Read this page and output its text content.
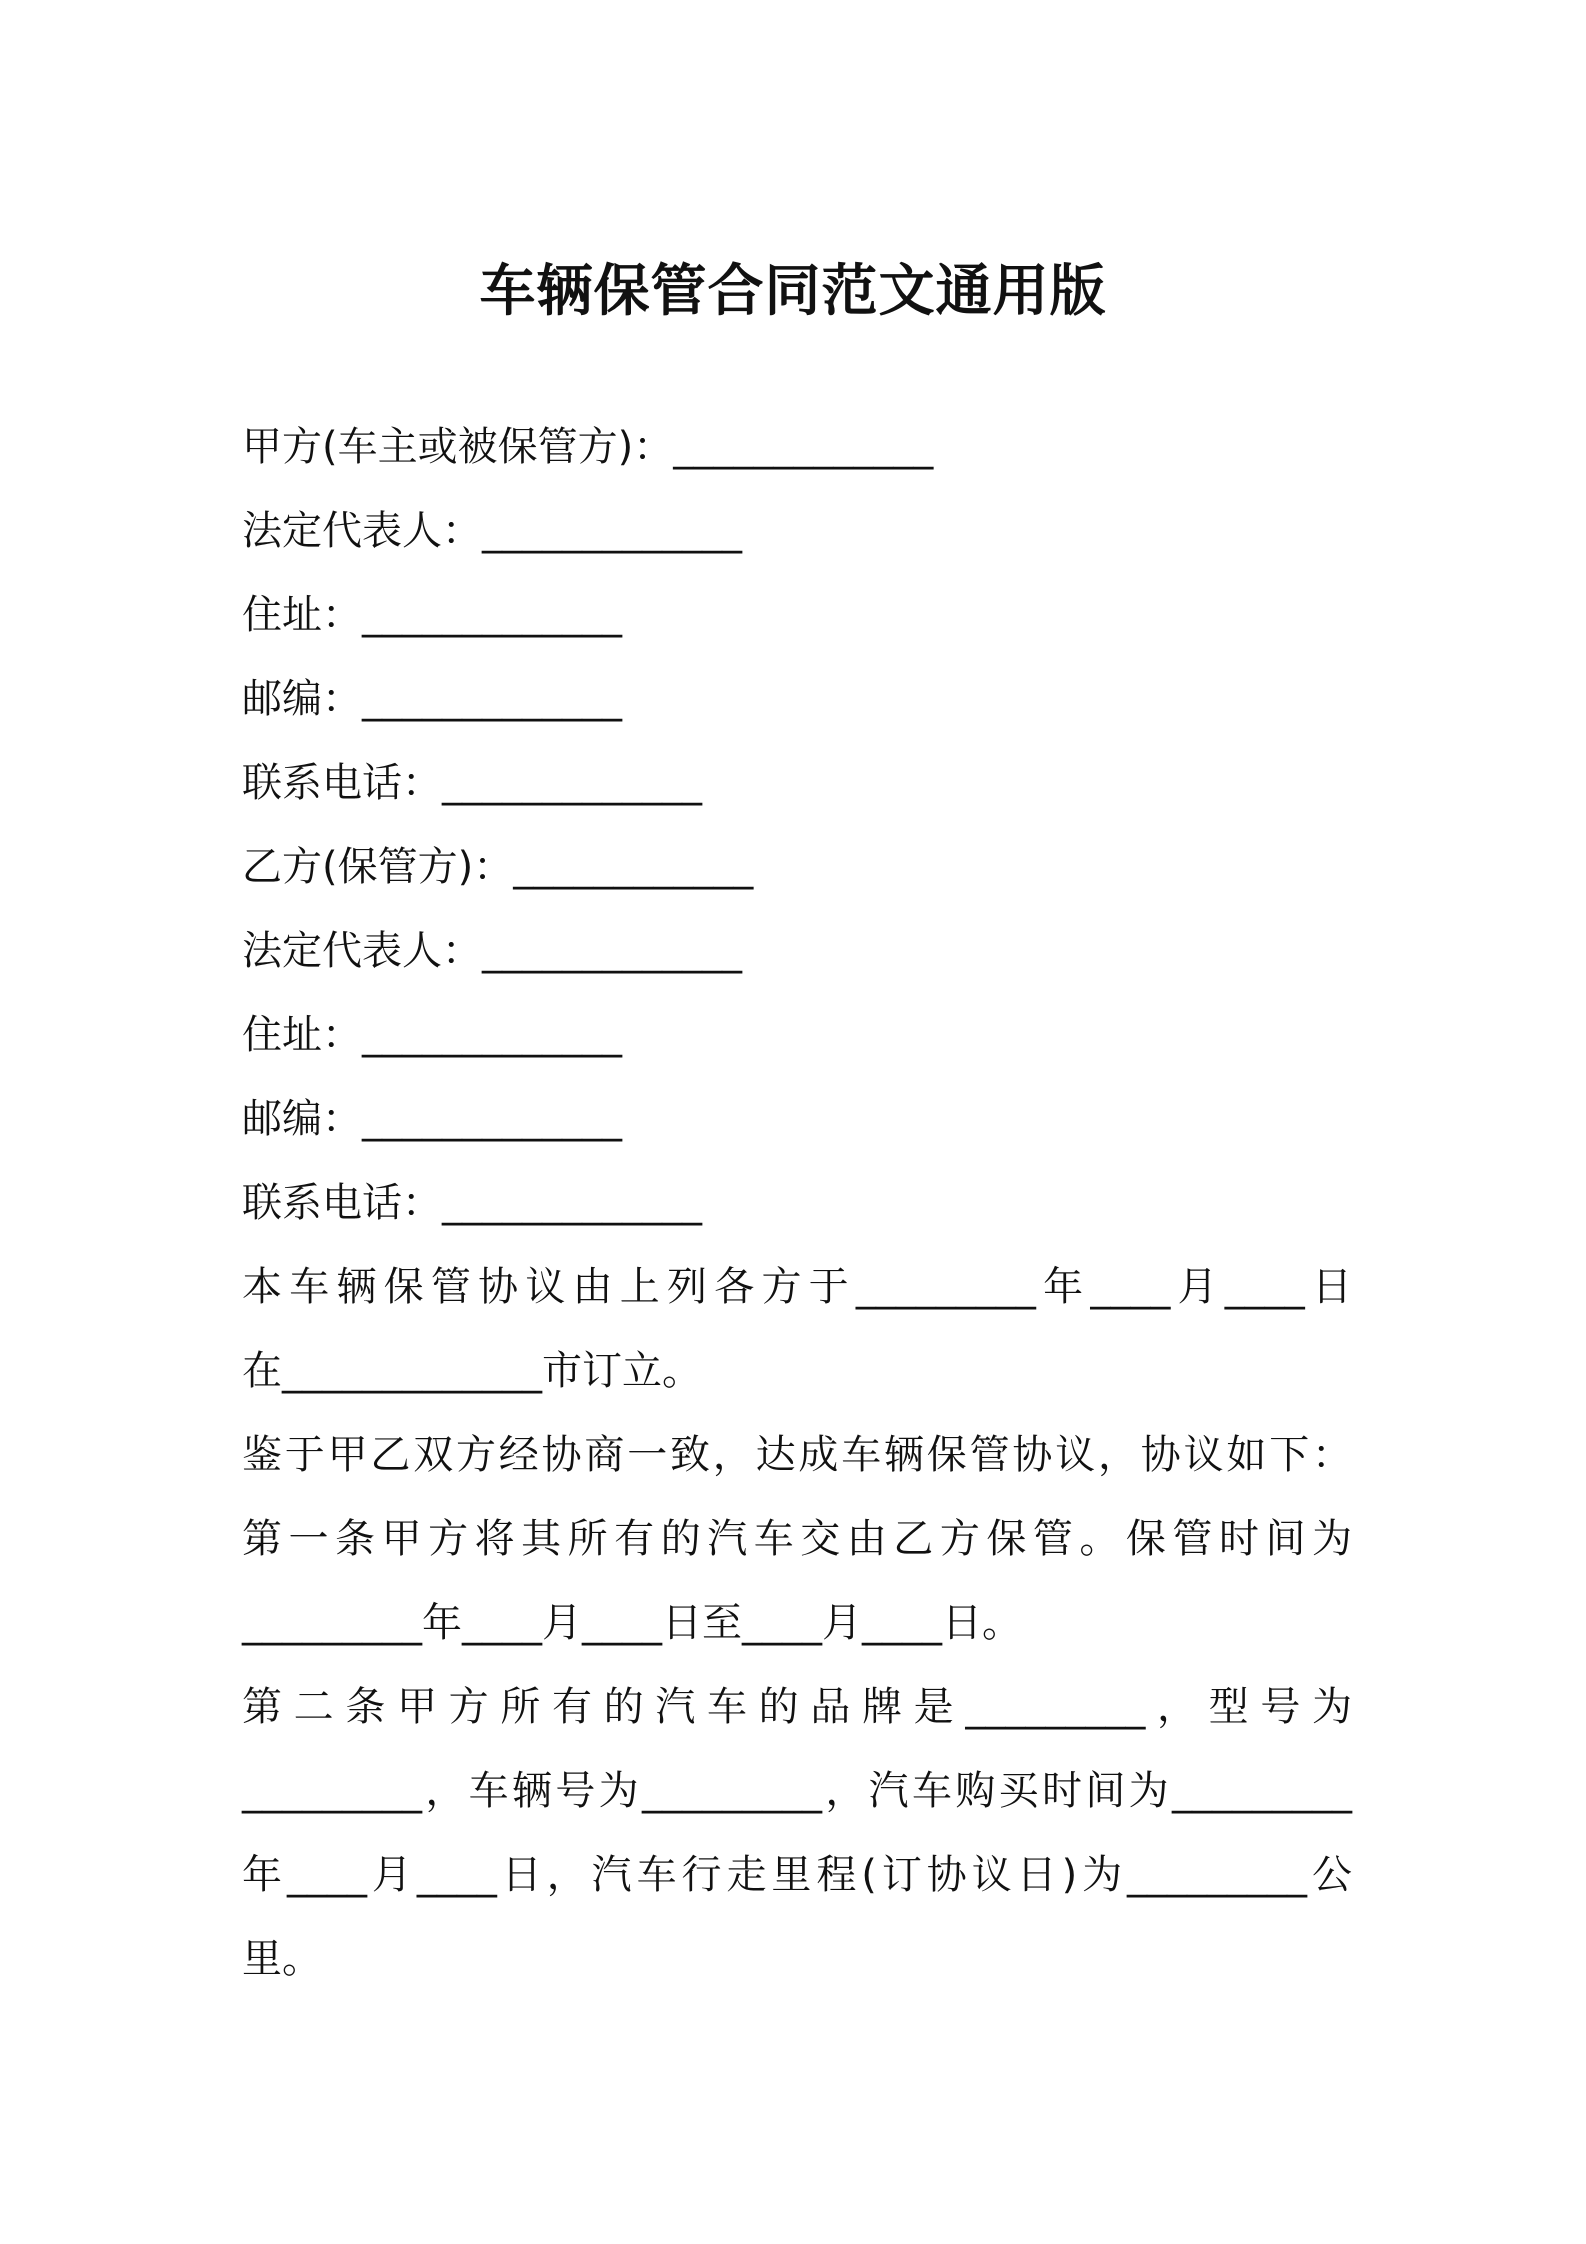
车辆保管合同范文通用版

甲方(车主或被保管方)：_____________

法定代表人：_____________

住址：_____________

邮编：_____________

联系电话：_____________

乙方(保管方)：____________

法定代表人：_____________

住址：_____________

邮编：_____________

联系电话：_____________

本车辆保管协议由上列各方于_________年____月____日

在_____________市订立。

鉴于甲乙双方经协商一致，达成车辆保管协议，协议如下：

第一条甲方将其所有的汽车交由乙方保管。保管时间为

_________年____月____日至____月____日。

第二条甲方所有的汽车的品牌是_________，型号为

_________，车辆号为_________，汽车购买时间为_________

年____月____日，汽车行走里程(订协议日)为_________公

里。
